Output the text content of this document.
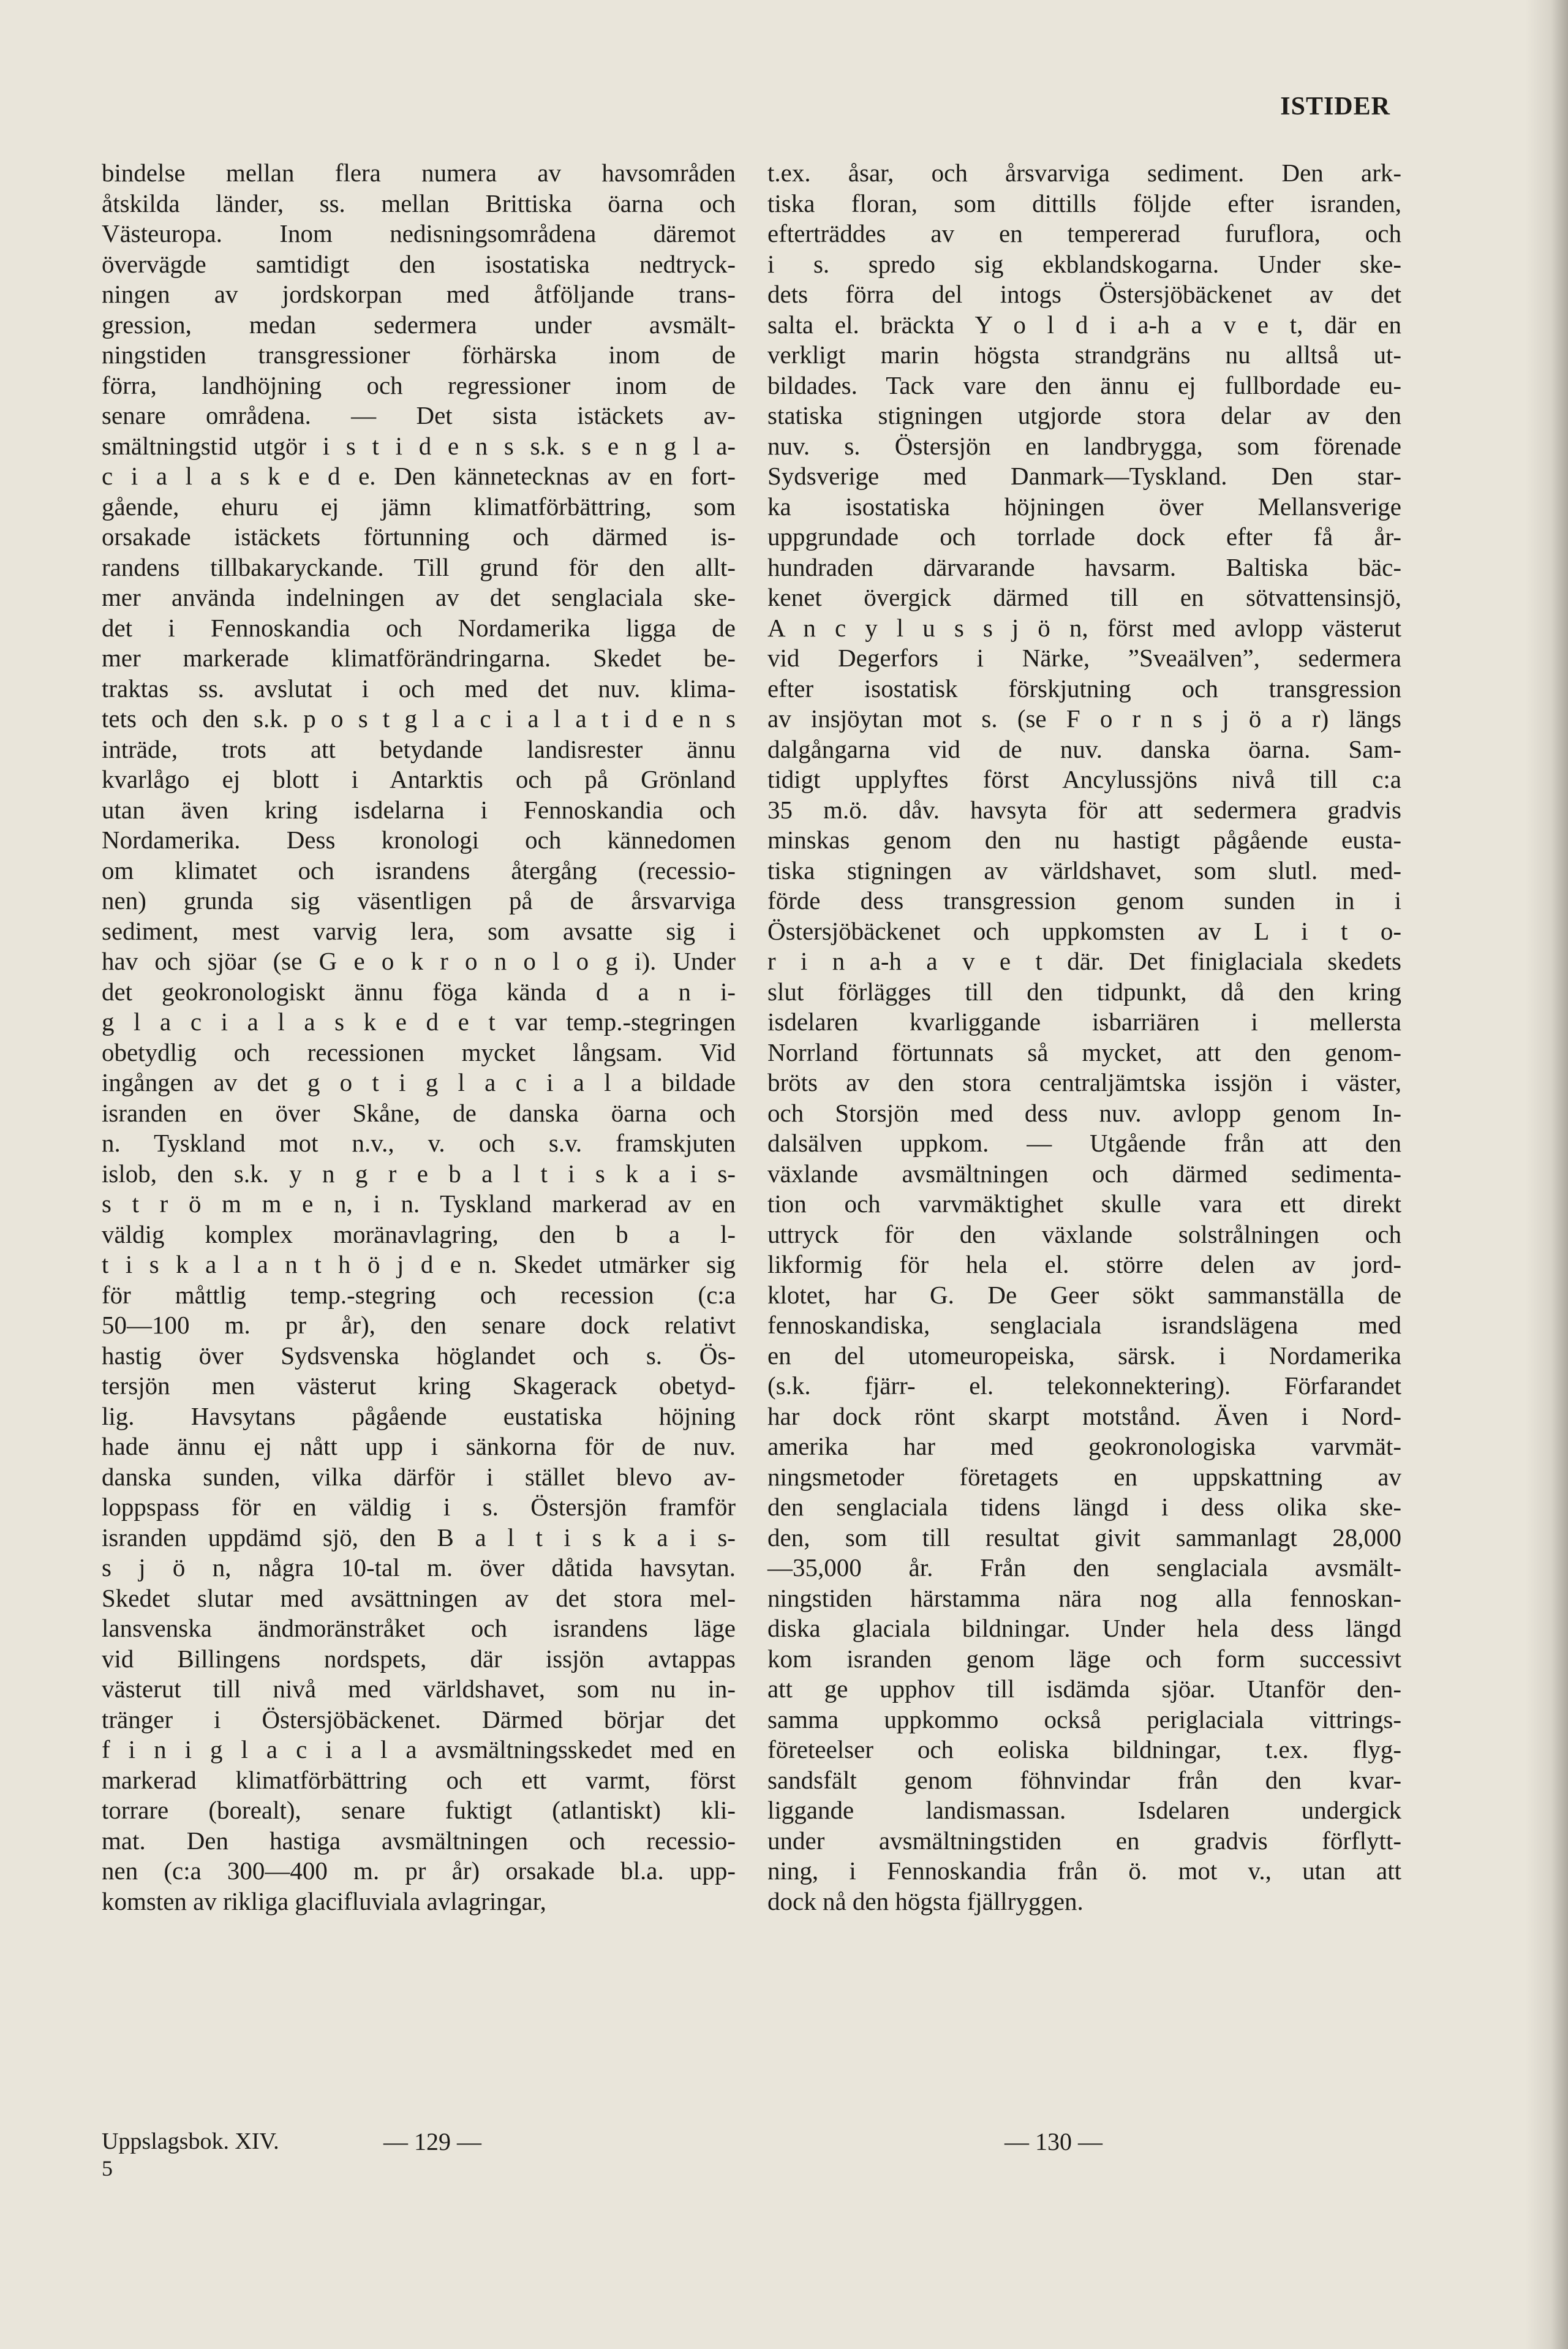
ISTIDER
bindelse mellan flera numera av havsområden
åtskilda länder, ss. mellan Brittiska öarna och
Västeuropa. Inom nedisningsområdena däremot
övervägde samtidigt den isostatiska nedtryck-
ningen av jordskorpan med åtföljande trans-
gression, medan sedermera under avsmält-
ningstiden transgressioner förhärska inom de
förra, landhöjning och regressioner inom de
senare områdena. — Det sista istäckets av-
smältningstid utgör i s t i d e n s s.k. s e n g l a-
c i a l a s k e d e. Den kännetecknas av en fort-
gående, ehuru ej jämn klimatförbättring, som
orsakade istäckets förtunning och därmed is-
randens tillbakaryckande. Till grund för den allt-
mer använda indelningen av det senglaciala ske-
det i Fennoskandia och Nordamerika ligga de
mer markerade klimatförändringarna. Skedet be-
traktas ss. avslutat i och med det nuv. klima-
tets och den s.k. p o s t g l a c i a l a t i d e n s
inträde, trots att betydande landisrester ännu
kvarlågo ej blott i Antarktis och på Grönland
utan även kring isdelarna i Fennoskandia och
Nordamerika. Dess kronologi och kännedomen
om klimatet och israndens återgång (recessio-
nen) grunda sig väsentligen på de årsvarviga
sediment, mest varvig lera, som avsatte sig i
hav och sjöar (se G e o k r o n o l o g i). Under
det geokronologiskt ännu föga kända d a n i-
g l a c i a l a s k e d e t var temp.-stegringen
obetydlig och recessionen mycket långsam. Vid
ingången av det g o t i g l a c i a l a bildade
isranden en över Skåne, de danska öarna och
n. Tyskland mot n.v., v. och s.v. framskjuten
islob, den s.k. y n g r e b a l t i s k a i s-
s t r ö m m e n, i n. Tyskland markerad av en
väldig komplex moränavlagring, den b a l-
t i s k a l a n t h ö j d e n. Skedet utmärker sig
för måttlig temp.-stegring och recession (c:a
50—100 m. pr år), den senare dock relativt
hastig över Sydsvenska höglandet och s. Ös-
tersjön men västerut kring Skagerack obetyd-
lig. Havsytans pågående eustatiska höjning
hade ännu ej nått upp i sänkorna för de nuv.
danska sunden, vilka därför i stället blevo av-
loppspass för en väldig i s. Östersjön framför
isranden uppdämd sjö, den B a l t i s k a i s-
s j ö n, några 10-tal m. över dåtida havsytan.
Skedet slutar med avsättningen av det stora mel-
lansvenska ändmoränstråket och israndens läge
vid Billingens nordspets, där issjön avtappas
västerut till nivå med världshavet, som nu in-
tränger i Östersjöbäckenet. Därmed börjar det
f i n i g l a c i a l a avsmältningsskedet med en
markerad klimatförbättring och ett varmt, först
torrare (borealt), senare fuktigt (atlantiskt) kli-
mat. Den hastiga avsmältningen och recessio-
nen (c:a 300—400 m. pr år) orsakade bl.a. upp-
komsten av rikliga glacifluviala avlagringar,
t.ex. åsar, och årsvarviga sediment. Den ark-
tiska floran, som dittills följde efter isranden,
efterträddes av en tempererad furuflora, och
i s. spredo sig ekblandskogarna. Under ske-
dets förra del intogs Östersjöbäckenet av det
salta el. bräckta Y o l d i a-h a v e t, där en
verkligt marin högsta strandgräns nu alltså ut-
bildades. Tack vare den ännu ej fullbordade eu-
statiska stigningen utgjorde stora delar av den
nuv. s. Östersjön en landbrygga, som förenade
Sydsverige med Danmark—Tyskland. Den star-
ka isostatiska höjningen över Mellansverige
uppgrundade och torrlade dock efter få år-
hundraden därvarande havsarm. Baltiska bäc-
kenet övergick därmed till en sötvattensinsjö,
A n c y l u s s j ö n, först med avlopp västerut
vid Degerfors i Närke, ”Sveaälven”, sedermera
efter isostatisk förskjutning och transgression
av insjöytan mot s. (se F o r n s j ö a r) längs
dalgångarna vid de nuv. danska öarna. Sam-
tidigt upplyftes först Ancylussjöns nivå till c:a
35 m.ö. dåv. havsyta för att sedermera gradvis
minskas genom den nu hastigt pågående eusta-
tiska stigningen av världshavet, som slutl. med-
förde dess transgression genom sunden in i
Östersjöbäckenet och uppkomsten av L i t o-
r i n a-h a v e t där. Det finiglaciala skedets
slut förlägges till den tidpunkt, då den kring
isdelaren kvarliggande isbarriären i mellersta
Norrland förtunnats så mycket, att den genom-
bröts av den stora centraljämtska issjön i väster,
och Storsjön med dess nuv. avlopp genom In-
dalsälven uppkom. — Utgående från att den
växlande avsmältningen och därmed sedimenta-
tion och varvmäktighet skulle vara ett direkt
uttryck för den växlande solstrålningen och
likformig för hela el. större delen av jord-
klotet, har G. De Geer sökt sammanställa de
fennoskandiska, senglaciala israndslägena med
en del utomeuropeiska, särsk. i Nordamerika
(s.k. fjärr- el. telekonnektering). Förfarandet
har dock rönt skarpt motstånd. Även i Nord-
amerika har med geokronologiska varvmät-
ningsmetoder företagets en uppskattning av
den senglaciala tidens längd i dess olika ske-
den, som till resultat givit sammanlagt 28,000
—35,000 år. Från den senglaciala avsmält-
ningstiden härstamma nära nog alla fennoskan-
diska glaciala bildningar. Under hela dess längd
kom isranden genom läge och form successivt
att ge upphov till isdämda sjöar. Utanför den-
samma uppkommo också periglaciala vittrings-
företeelser och eoliska bildningar, t.ex. flyg-
sandsfält genom föhnvindar från den kvar-
liggande landismassan. Isdelaren undergick
under avsmältningstiden en gradvis förflytt-
ning, i Fennoskandia från ö. mot v., utan att
dock nå den högsta fjällryggen.
Uppslagsbok. XIV.
5
— 129 —	— 130 —
